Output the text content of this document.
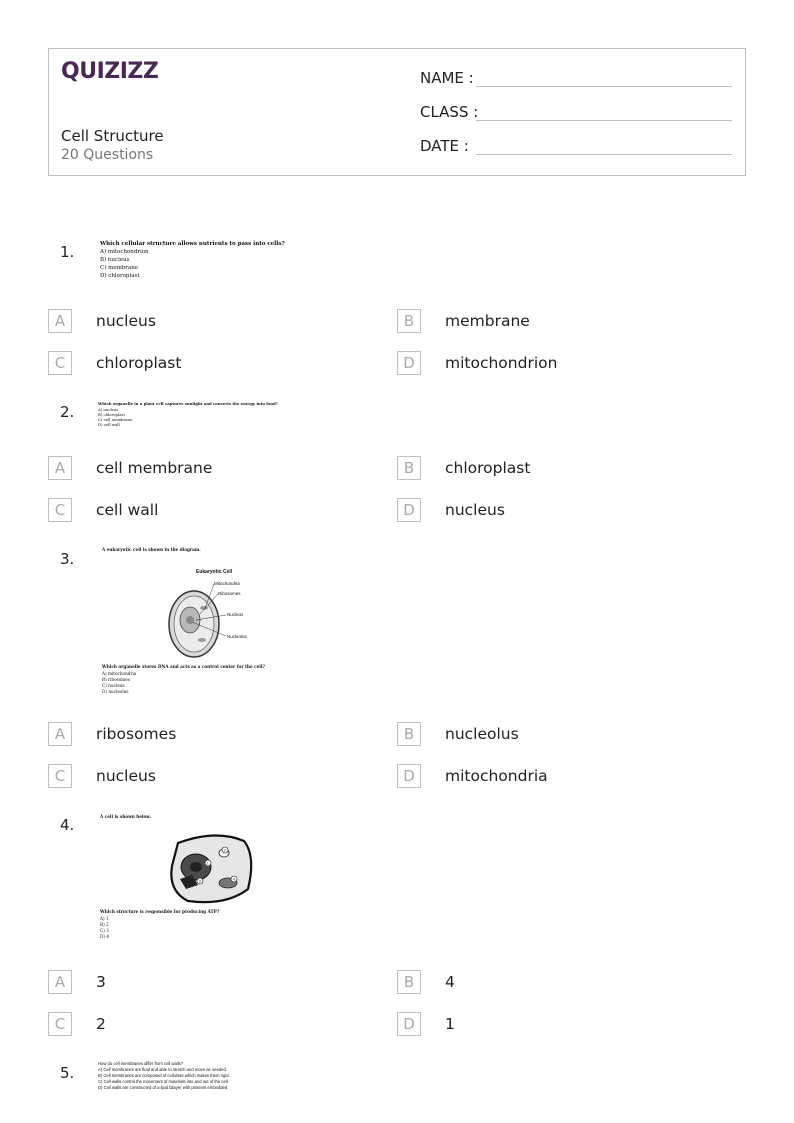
QUIZIZZ
Cell Structure
20 Questions
NAME :
CLASS :
DATE :
1.	Which cellular structure allows nutrients to pass into cells?
A) mitochondrion
B) nucleus
C) membrane
D) chloroplast
A	nucleus	B	membrane
C	chloroplast	D	mitochondrion
2.	Which organelle in a plant cell captures sunlight and converts the energy into food?
A) nucleus
B) chloroplast
C) cell membrane
D) cell wall
A	cell membrane	B	chloroplast
C	cell wall	D	nucleus
3.
A eukaryotic cell is shown in the diagram.
Eukaryotic Cell
Mitochondria
Ribosomes
Nucleus
Nucleolus
Which organelle stores DNA and acts as a control center for the cell?
A) mitochondria
B) ribosomes
C) nucleus
D) nucleolus
A	ribosomes	B	nucleolus
C	nucleus	D	mitochondria
4.	A cell is shown below.
1
2
3	4
Which structure is responsible for producing ATP?
A) 1
B) 2
C) 3
D) 4
A	3	B	4
C	2	D	1
5.
How do cell membranes differ from cell walls?
A) Cell membranes are fluid and able to stretch and move as needed.
B) Cell membranes are composed of cellulose which makes them rigid.
C) Cell walls control the movement of materials into and out of the cell.
D) Cell walls are constructed of a lipid bilayer with proteins embedded.
